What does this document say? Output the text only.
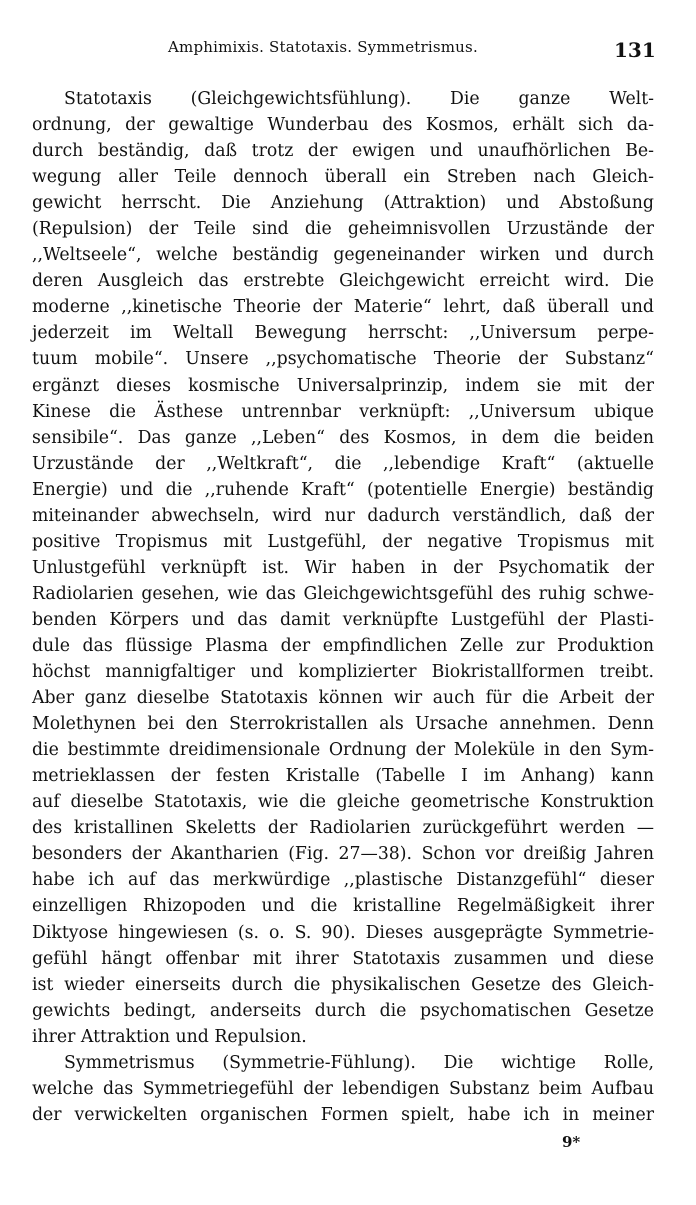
Amphimixis. Statotaxis. Symmetrismus.	131
Statotaxis (Gleichgewichtsfühlung). Die ganze Welt-
ordnung, der gewaltige Wunderbau des Kosmos, erhält sich da-
durch beständig, daß trotz der ewigen und unaufhörlichen Be-
wegung aller Teile dennoch überall ein Streben nach Gleich-
gewicht herrscht. Die Anziehung (Attraktion) und Abstoßung
(Repulsion) der Teile sind die geheimnisvollen Urzustände der
,,Weltseele“, welche beständig gegeneinander wirken und durch
deren Ausgleich das erstrebte Gleichgewicht erreicht wird. Die
moderne ,,kinetische Theorie der Materie“ lehrt, daß überall und
jederzeit im Weltall Bewegung herrscht: ,,Universum perpe-
tuum mobile“. Unsere ,,psychomatische Theorie der Substanz“
ergänzt dieses kosmische Universalprinzip, indem sie mit der
Kinese die Ästhese untrennbar verknüpft: ,,Universum ubique
sensibile“. Das ganze ,,Leben“ des Kosmos, in dem die beiden
Urzustände der ,,Weltkraft“, die ,,lebendige Kraft“ (aktuelle
Energie) und die ,,ruhende Kraft“ (potentielle Energie) beständig
miteinander abwechseln, wird nur dadurch verständlich, daß der
positive Tropismus mit Lustgefühl, der negative Tropismus mit
Unlustgefühl verknüpft ist. Wir haben in der Psychomatik der
Radiolarien gesehen, wie das Gleichgewichtsgefühl des ruhig schwe-
benden Körpers und das damit verknüpfte Lustgefühl der Plasti-
dule das flüssige Plasma der empfindlichen Zelle zur Produktion
höchst mannigfaltiger und komplizierter Biokristallformen treibt.
Aber ganz dieselbe Statotaxis können wir auch für die Arbeit der
Molethynen bei den Sterrokristallen als Ursache annehmen. Denn
die bestimmte dreidimensionale Ordnung der Moleküle in den Sym-
metrieklassen der festen Kristalle (Tabelle I im Anhang) kann
auf dieselbe Statotaxis, wie die gleiche geometrische Konstruktion
des kristallinen Skeletts der Radiolarien zurückgeführt werden —
besonders der Akantharien (Fig. 27—38). Schon vor dreißig Jahren
habe ich auf das merkwürdige ,,plastische Distanzgefühl“ dieser
einzelligen Rhizopoden und die kristalline Regelmäßigkeit ihrer
Diktyose hingewiesen (s. o. S. 90). Dieses ausgeprägte Symmetrie-
gefühl hängt offenbar mit ihrer Statotaxis zusammen und diese
ist wieder einerseits durch die physikalischen Gesetze des Gleich-
gewichts bedingt, anderseits durch die psychomatischen Gesetze
ihrer Attraktion und Repulsion.
Symmetrismus (Symmetrie-Fühlung). Die wichtige Rolle,
welche das Symmetriegefühl der lebendigen Substanz beim Aufbau
der verwickelten organischen Formen spielt, habe ich in meiner
9*
